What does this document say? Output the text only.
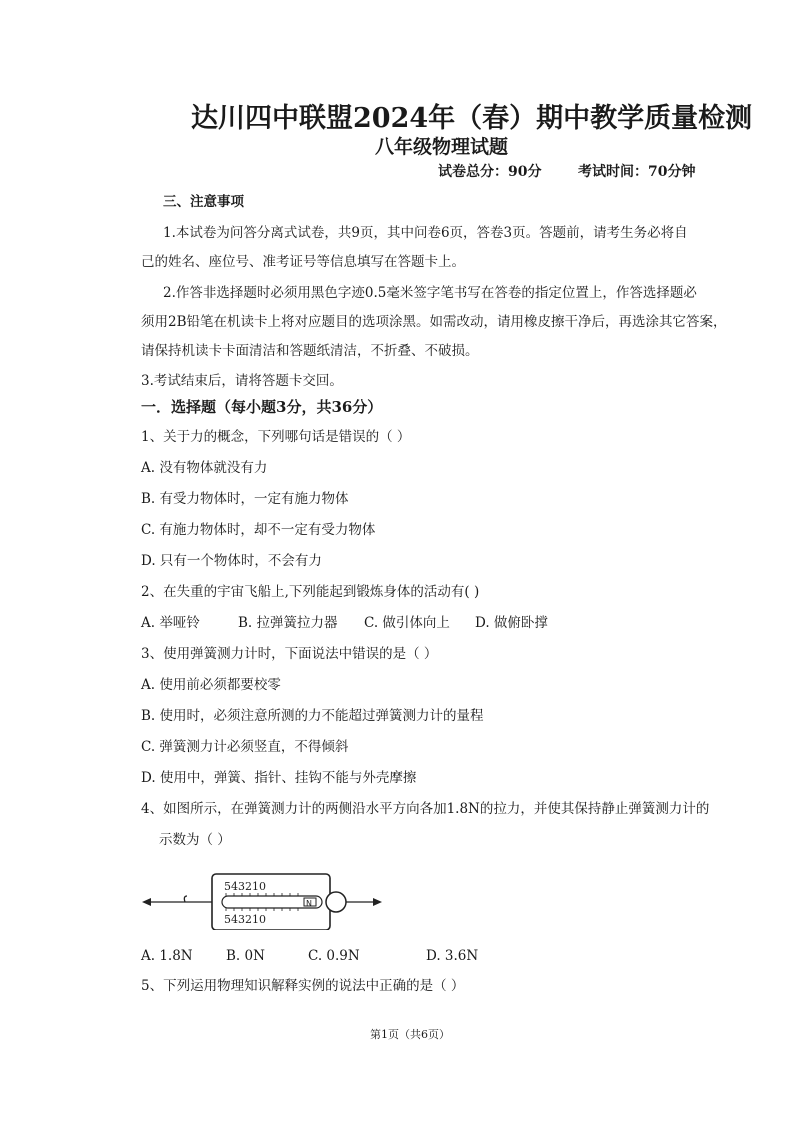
达川四中联盟2024年（春）期中教学质量检测
八年级物理试题
试卷总分：90分	考试时间：70分钟
三、注意事项
1.本试卷为问答分离式试卷，共9页，其中问卷6页，答卷3页。答题前，请考生务必将自
己的姓名、座位号、准考证号等信息填写在答题卡上。
2.作答非选择题时必须用黑色字迹0.5毫米签字笔书写在答卷的指定位置上，作答选择题必
须用2B铅笔在机读卡上将对应题目的选项涂黑。如需改动，请用橡皮擦干净后，再选涂其它答案，
请保持机读卡卡面清洁和答题纸清洁，不折叠、不破损。
3.考试结束后，请将答题卡交回。
一．选择题（每小题3分，共36分）
1、关于力的概念，下列哪句话是错误的（ ）
A. 没有物体就没有力
B. 有受力物体时，一定有施力物体
C. 有施力物体时，却不一定有受力物体
D. 只有一个物体时，不会有力
2、在失重的宇宙飞船上,下列能起到锻炼身体的活动有( )
A. 举哑铃	B. 拉弹簧拉力器 C. 做引体向上 D. 做俯卧撑
3、使用弹簧测力计时，下面说法中错误的是（ ）
A. 使用前必须都要校零
B. 使用时，必须注意所测的力不能超过弹簧测力计的量程
C. 弹簧测力计必须竖直，不得倾斜
D. 使用中，弹簧、指针、挂钩不能与外壳摩擦
4、如图所示，在弹簧测力计的两侧沿水平方向各加1.8N的拉力，并使其保持静止弹簧测力计的
示数为（ ）
543210
543210
N
A. 1.8N B. 0N	C. 0.9N	D. 3.6N
5、下列运用物理知识解释实例的说法中正确的是（ ）
第1页（共6页）
